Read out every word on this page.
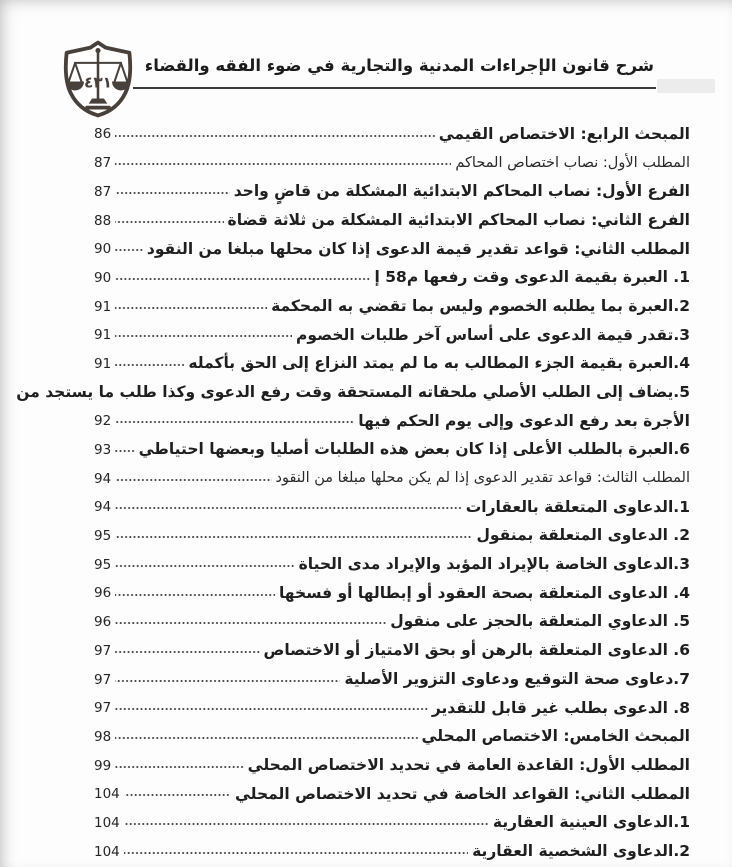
٤٣١
شرح قانون الإجراءات المدنية والتجارية في ضوء الفقه والقضاء
المبحث الرابع: الاختصاص القيمي
86
المطلب الأول: نصاب اختصاص المحاكم
87
الفرع الأول: نصاب المحاكم الابتدائية المشكلة من قاضٍ واحد
87
الفرع الثاني: نصاب المحاكم الابتدائية المشكلة من ثلاثة قضاة
88
المطلب الثاني: قواعد تقدير قيمة الدعوى إذا كان محلها مبلغا من النقود
90
1. العبرة بقيمة الدعوى وقت رفعها م58 إ
90
2.العبرة بما يطلبه الخصوم وليس بما تقضي به المحكمة
91
3.تقدر قيمة الدعوى على أساس آخر طلبات الخصوم
91
4.العبرة بقيمة الجزء المطالب به ما لم يمتد النزاع إلى الحق بأكمله
91
5.يضاف إلى الطلب الأصلي ملحقاته المستحقة وقت رفع الدعوى وكذا طلب ما يستجد من
الأجرة بعد رفع الدعوى وإلى يوم الحكم فيها
92
6.العبرة بالطلب الأعلى إذا كان بعض هذه الطلبات أصليا وبعضها احتياطي
93
المطلب الثالث: قواعد تقدير الدعوى إذا لم يكن محلها مبلغا من النقود
94
1.الدعاوى المتعلقة بالعقارات
94
2. الدعاوى المتعلقة بمنقول
95
3.الدعاوى الخاصة بالإيراد المؤبد والإيراد مدى الحياة
95
4. الدعاوى المتعلقة بصحة العقود أو إبطالها أو فسخها
96
5. الدعاوي المتعلقة بالحجز على منقول
96
6. الدعاوى المتعلقة بالرهن أو بحق الامتياز أو الاختصاص
97
7.دعاوى صحة التوقيع ودعاوى التزوير الأصلية
97
8. الدعوى بطلب غير قابل للتقدير
97
المبحث الخامس: الاختصاص المحلي
98
المطلب الأول: القاعدة العامة في تحديد الاختصاص المحلي
99
المطلب الثاني: القواعد الخاصة في تحديد الاختصاص المحلي
104
1.الدعاوى العينية العقارية
104
2.الدعاوى الشخصية العقارية
104
